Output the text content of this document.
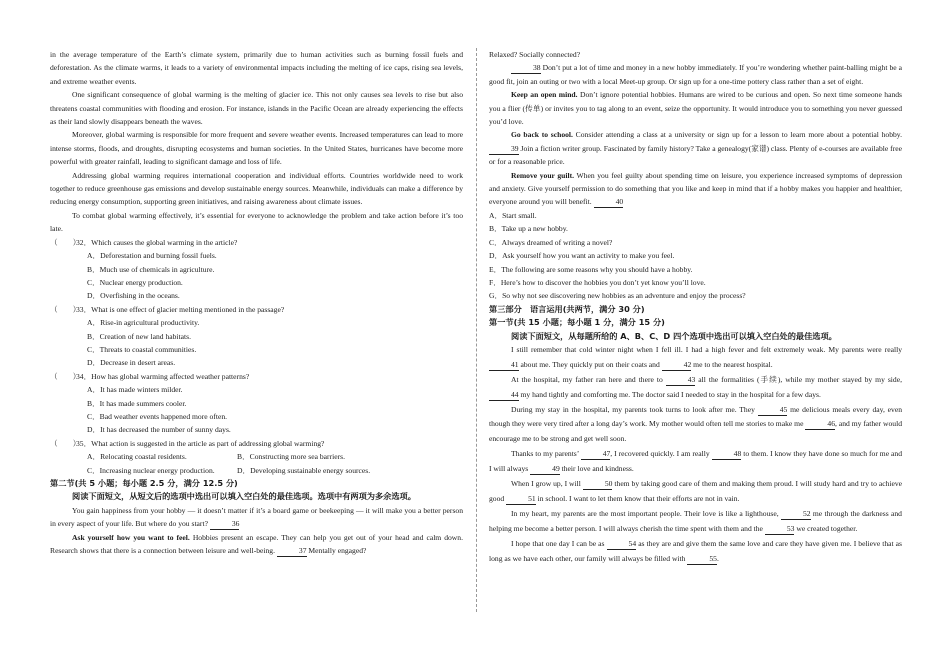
in the average temperature of the Earth’s climate system, primarily due to human activities such as burning fossil fuels and deforestation. As the climate warms, it leads to a variety of environmental impacts including the melting of ice caps, rising sea levels, and extreme weather events.

One significant consequence of global warming is the melting of glacier ice. This not only causes sea levels to rise but also threatens coastal communities with flooding and erosion. For instance, islands in the Pacific Ocean are already experiencing the effects as their land slowly disappears beneath the waves.

Moreover, global warming is responsible for more frequent and severe weather events. Increased temperatures can lead to more intense storms, floods, and droughts, disrupting ecosystems and human societies. In the United States, hurricanes have become more powerful with greater rainfall, leading to significant damage and loss of life.

Addressing global warming requires international cooperation and individual efforts. Countries worldwide need to work together to reduce greenhouse gas emissions and develop sustainable energy sources. Meanwhile, individuals can make a difference by reducing energy consumption, supporting green initiatives, and raising awareness about climate issues.

To combat global warming effectively, it’s essential for everyone to acknowledge the problem and take action before it’s too late.

（　　）
32．Which causes the global warming in the article?

A．Deforestation and burning fossil fuels.

B．Much use of chemicals in agriculture.

C．Nuclear energy production.

D．Overfishing in the oceans.

（　　）
33．What is one effect of glacier melting mentioned in the passage?

A．Rise-in agricultural productivity.

B．Creation of new land habitats.

C．Threats to coastal communities.

D．Decrease in desert areas.

（　　）
34．How has global warming affected weather patterns?

A．It has made winters milder.

B．It has made summers cooler.

C．Bad weather events happened more often.

D．It has decreased the number of sunny days.

（　　）
35．What action is suggested in the article as part of addressing global warming?
A．Relocating coastal residents.	B．Constructing more sea barriers.
C．Increasing nuclear energy production.	D．Developing sustainable energy sources.

第二节(共 5 小题；每小题 2.5 分，满分 12.5 分)

阅读下面短文，从短文后的选项中选出可以填入空白处的最佳选项。选项中有两项为多余选项。

You gain happiness from your hobby — it doesn’t matter if it’s a board game or beekeeping — it will make you a better person in every aspect of your life. But where do you start?	36

Ask yourself how you want to feel. Hobbies present an escape. They can help you get out of your head and calm down. Research shows that there is a connection between leisure and well-being.	37 Mentally engaged?

Relaxed? Socially connected?

38 Don’t put a lot of time and money in a new hobby immediately. If you’re wondering whether paint-balling might be a good fit, join an outing or two with a local Meet-up group. Or sign up for a one-time pottery class rather than a set of eight.

Keep an open mind. Don’t ignore potential hobbies. Humans are wired to be curious and open. So next time someone hands you a flier (传单) or invites you to tag along to an event, seize the opportunity. It would introduce you to something you never guessed you’d love.

Go back to school. Consider attending a class at a university or sign up for a lesson to learn more about a potential hobby. 39 Join a fiction writer group. Fascinated by family history? Take a genealogy(家谱) class. Plenty of e-courses are available free or for a reasonable price.

Remove your guilt. When you feel guilty about spending time on leisure, you experience increased symptoms of depression and anxiety. Give yourself permission to do something that you like and keep in mind that if a hobby makes you happier and healthier, everyone around you will benefit.	40

A．Start small.

B．Take up a new hobby.

C．Always dreamed of writing a novel?

D．Ask yourself how you want an activity to make you feel.

E．The following are some reasons why you should have a hobby.

F．Here’s how to discover the hobbies you don’t yet know you’ll love.

G．So why not see discovering new hobbies as an adventure and enjoy the process?

第三部分　语言运用(共两节，满分 30 分)

第一节(共 15 小题；每小题 1 分，满分 15 分)

阅读下面短文，从每题所给的 A、B、C、D 四个选项中选出可以填入空白处的最佳选项。

I still remember that cold winter night when I fell ill. I had a high fever and felt extremely weak. My parents were really 41 about me. They quickly put on their coats and	42 me to the nearest hospital.

At the hospital, my father ran here and there to	43 all the formalities (手续), while my mother stayed by my side, 44 my hand tightly and comforting me. The doctor said I needed to stay in the hospital for a few days.

During my stay in the hospital, my parents took turns to look after me. They	45 me delicious meals every day, even though they were very tired after a long day’s work. My mother would often tell me stories to make me	46, and my father would encourage me to be strong and get well soon.

Thanks to my parents’	47, I recovered quickly. I am really	48 to them. I know they have done so much for me and I will always	49 their love and kindness.

When I grow up, I will	50 them by taking good care of them and making them proud. I will study hard and try to achieve good	51 in school. I want to let them know that their efforts are not in vain.

In my heart, my parents are the most important people. Their love is like a lighthouse,	52 me through the darkness and helping me become a better person. I will always cherish the time spent with them and the	53 we created together.

I hope that one day I can be as	54 as they are and give them the same love and care they have given me. I believe that as long as we have each other, our family will always be filled with	55.
